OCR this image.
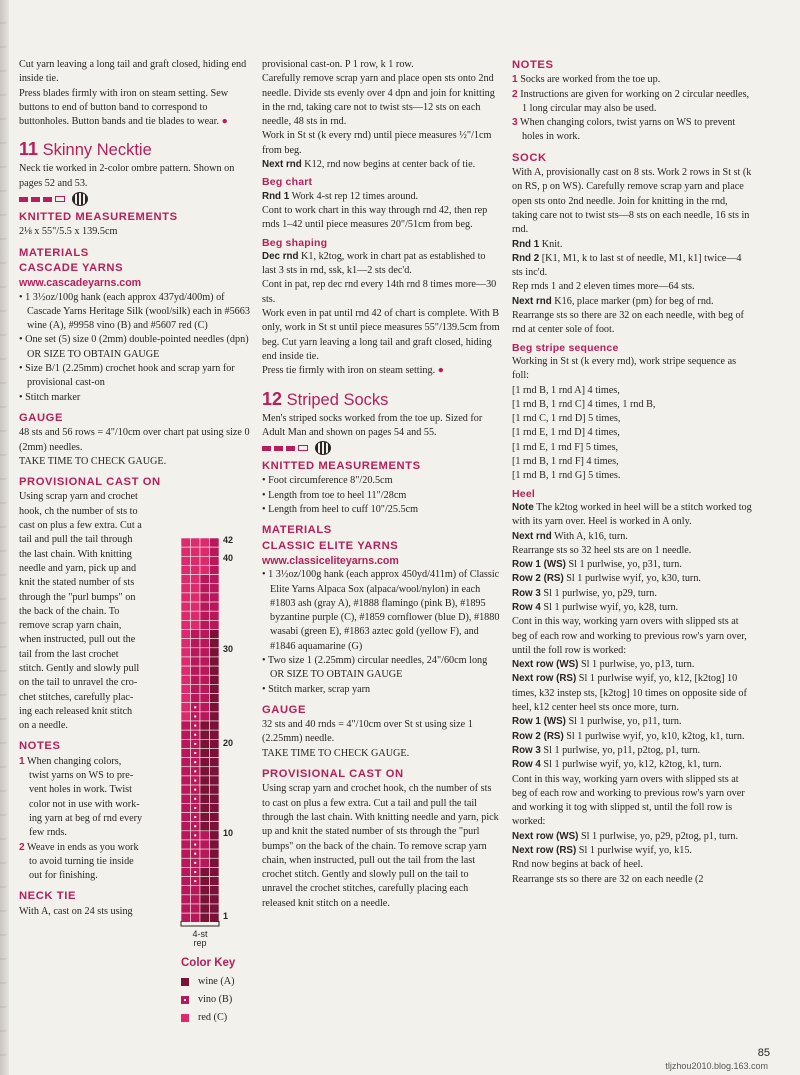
Cut yarn leaving a long tail and graft closed, hiding end inside tie.
Press blades firmly with iron on steam setting. Sew buttons to end of button band to correspond to buttonholes. Button bands and tie blades to wear. ●
11 Skinny Necktie
Neck tie worked in 2-color ombre pattern. Shown on pages 52 and 53.
KNITTED MEASUREMENTS
2⅛ x 55"/5.5 x 139.5cm
MATERIALS
CASCADE YARNS
www.cascadeyarns.com
• 1 3½oz/100g hank (each approx 437yd/400m) of Cascade Yarns Heritage Silk (wool/silk) each in #5663 wine (A), #9958 vino (B) and #5607 red (C)
• One set (5) size 0 (2mm) double-pointed needles (dpn) OR SIZE TO OBTAIN GAUGE
• Size B/1 (2.25mm) crochet hook and scrap yarn for provisional cast-on
• Stitch marker
GAUGE
48 sts and 56 rows = 4"/10cm over chart pat using size 0 (2mm) needles.
TAKE TIME TO CHECK GAUGE.
PROVISIONAL CAST ON
Using scrap yarn and crochet
hook, ch the number of sts to
cast on plus a few extra. Cut a
tail and pull the tail through
the last chain. With knitting
needle and yarn, pick up and
knit the stated number of sts
through the "purl bumps" on
the back of the chain. To
remove scrap yarn chain,
when instructed, pull out the
tail from the last crochet
stitch. Gently and slowly pull
on the tail to unravel the cro-
chet stitches, carefully plac-
ing each released knit stitch
on a needle.
NOTES
1 When changing colors,
twist yarns on WS to pre-
vent holes in work. Twist
color not in use with work-
ing yarn at beg of rnd every
few rnds.
2 Weave in ends as you work
to avoid turning tie inside
out for finishing.
NECK TIE
With A, cast on 24 sts using
42
40
30
20
10
1
4-st
rep
Color Key
wine (A)
vino (B)
red (C)
provisional cast-on. P 1 row, k 1 row.
Carefully remove scrap yarn and place open sts onto 2nd needle. Divide sts evenly over 4 dpn and join for knitting in the rnd, taking care not to twist sts—12 sts on each needle, 48 sts in rnd.
Work in St st (k every rnd) until piece measures ½"/1cm from beg.
Next rnd K12, rnd now begins at center back of tie.
Beg chart
Rnd 1 Work 4-st rep 12 times around.
Cont to work chart in this way through rnd 42, then rep rnds 1–42 until piece measures 20"/51cm from beg.
Beg shaping
Dec rnd K1, k2tog, work in chart pat as established to last 3 sts in rnd, ssk, k1—2 sts dec'd.
Cont in pat, rep dec rnd every 14th rnd 8 times more—30 sts.
Work even in pat until rnd 42 of chart is complete. With B only, work in St st until piece measures 55"/139.5cm from beg. Cut yarn leaving a long tail and graft closed, hiding end inside tie.
Press tie firmly with iron on steam setting. ●
12 Striped Socks
Men's striped socks worked from the toe up. Sized for Adult Man and shown on pages 54 and 55.
KNITTED MEASUREMENTS
• Foot circumference 8"/20.5cm
• Length from toe to heel 11"/28cm
• Length from heel to cuff 10"/25.5cm
MATERIALS
CLASSIC ELITE YARNS
www.classiceliteyarns.com
• 1 3½oz/100g hank (each approx 450yd/411m) of Classic Elite Yarns Alpaca Sox (alpaca/wool/nylon) in each #1803 ash (gray A), #1888 flamingo (pink B), #1895 byzantine purple (C), #1859 cornflower (blue D), #1880 wasabi (green E), #1863 aztec gold (yellow F), and #1846 aquamarine (G)
• Two size 1 (2.25mm) circular needles, 24"/60cm long OR SIZE TO OBTAIN GAUGE
• Stitch marker, scrap yarn
GAUGE
32 sts and 40 rnds = 4"/10cm over St st using size 1 (2.25mm) needle.
TAKE TIME TO CHECK GAUGE.
PROVISIONAL CAST ON
Using scrap yarn and crochet hook, ch the number of sts to cast on plus a few extra. Cut a tail and pull the tail through the last chain. With knitting needle and yarn, pick up and knit the stated number of sts through the "purl bumps" on the back of the chain. To remove scrap yarn chain, when instructed, pull out the tail from the last crochet stitch. Gently and slowly pull on the tail to unravel the crochet stitches, carefully placing each released knit stitch on a needle.
NOTES
1 Socks are worked from the toe up.
2 Instructions are given for working on 2 circular needles, 1 long circular may also be used.
3 When changing colors, twist yarns on WS to prevent holes in work.
SOCK
With A, provisionally cast on 8 sts. Work 2 rows in St st (k on RS, p on WS). Carefully remove scrap yarn and place open sts onto 2nd needle. Join for knitting in the rnd, taking care not to twist sts—8 sts on each needle, 16 sts in rnd.
Rnd 1 Knit.
Rnd 2 [K1, M1, k to last st of needle, M1, k1] twice—4 sts inc'd.
Rep rnds 1 and 2 eleven times more—64 sts.
Next rnd K16, place marker (pm) for beg of rnd. Rearrange sts so there are 32 on each needle, with beg of rnd at center sole of foot.
Beg stripe sequence
Working in St st (k every rnd), work stripe sequence as foll:
[1 rnd B, 1 rnd A] 4 times,
[1 rnd B, 1 rnd C] 4 times, 1 rnd B,
[1 rnd C, 1 rnd D] 5 times,
[1 rnd E, 1 rnd D] 4 times,
[1 rnd E, 1 rnd F] 5 times,
[1 rnd B, 1 rnd F] 4 times,
[1 rnd B, 1 rnd G] 5 times.
Heel
Note The k2tog worked in heel will be a stitch worked tog with its yarn over. Heel is worked in A only.
Next rnd With A, k16, turn.
Rearrange sts so 32 heel sts are on 1 needle.
Row 1 (WS) Sl 1 purlwise, yo, p31, turn.
Row 2 (RS) Sl 1 purlwise wyif, yo, k30, turn.
Row 3 Sl 1 purlwise, yo, p29, turn.
Row 4 Sl 1 purlwise wyif, yo, k28, turn.
Cont in this way, working yarn overs with slipped sts at beg of each row and working to previous row's yarn over, until the foll row is worked:
Next row (WS) Sl 1 purlwise, yo, p13, turn.
Next row (RS) Sl 1 purlwise wyif, yo, k12, [k2tog] 10 times, k32 instep sts, [k2tog] 10 times on opposite side of heel, k12 center heel sts once more, turn.
Row 1 (WS) Sl 1 purlwise, yo, p11, turn.
Row 2 (RS) Sl 1 purlwise wyif, yo, k10, k2tog, k1, turn.
Row 3 Sl 1 purlwise, yo, p11, p2tog, p1, turn.
Row 4 Sl 1 purlwise wyif, yo, k12, k2tog, k1, turn.
Cont in this way, working yarn overs with slipped sts at beg of each row and working to previous row's yarn over and working it tog with slipped st, until the foll row is worked:
Next row (WS) Sl 1 purlwise, yo, p29, p2tog, p1, turn.
Next row (RS) Sl 1 purlwise wyif, yo, k15.
Rnd now begins at back of heel.
Rearrange sts so there are 32 on each needle (2
85
tljzhou2010.blog.163.com
